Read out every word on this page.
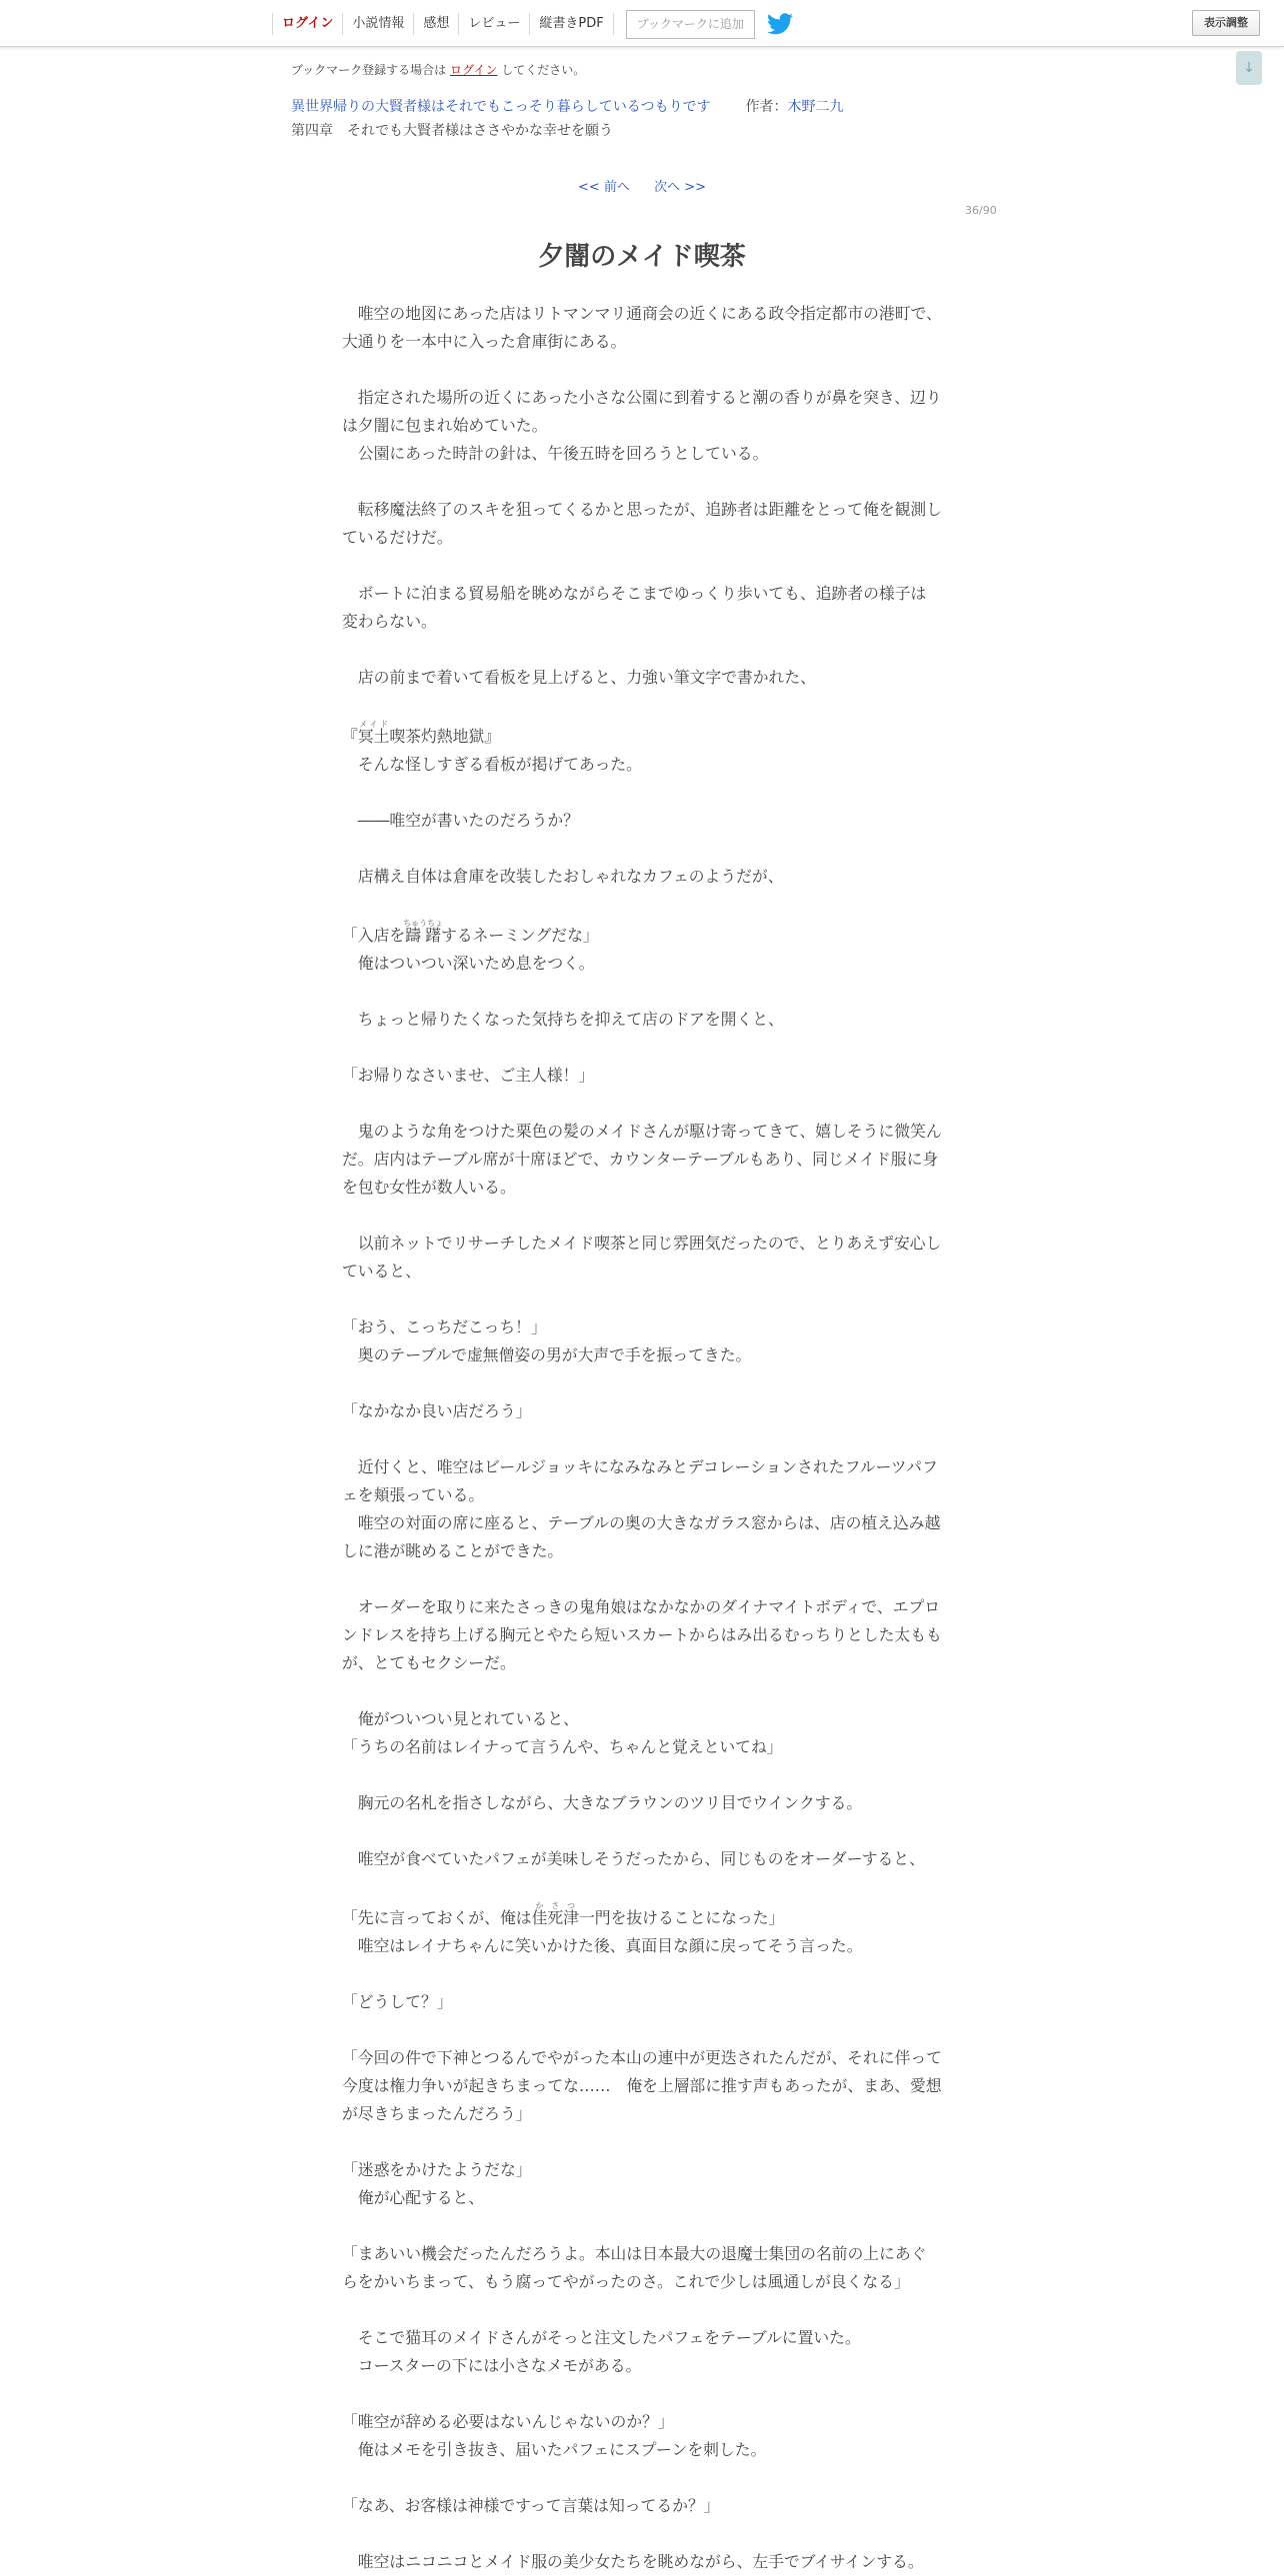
ログイン	小説情報	感想	レビュー	縦書きPDF	ブックマークに追加	表示調整
↓
ブックマーク登録する場合は ログイン してください。
異世界帰りの大賢者様はそれでもこっそり暮らしているつもりです 作者：木野二九
第四章　それでも大賢者様はささやかな幸せを願う
<< 前へ 次へ >>
36/90
夕闇のメイド喫茶
　唯空の地図にあった店はリトマンマリ通商会の近くにある政令指定都市の港町で、大通りを一本中に入った倉庫街にある。
　指定された場所の近くにあった小さな公園に到着すると潮の香りが鼻を突き、辺りは夕闇に包まれ始めていた。
　公園にあった時計の針は、午後五時を回ろうとしている。
　転移魔法終了のスキを狙ってくるかと思ったが、追跡者は距離をとって俺を観測しているだけだ。
　ボートに泊まる貿易船を眺めながらそこまでゆっくり歩いても、追跡者の様子は変わらない。
　店の前まで着いて看板を見上げると、力強い筆文字で書かれた、
『冥土メイド喫茶灼熱地獄』
　そんな怪しすぎる看板が掲げてあった。
　――唯空が書いたのだろうか？
　店構え自体は倉庫を改装したおしゃれなカフェのようだが、
「入店を躊躇ちゅうちょするネーミングだな」
　俺はついつい深いため息をつく。
　ちょっと帰りたくなった気持ちを抑えて店のドアを開くと、
「お帰りなさいませ、ご主人様！」
　鬼のような角をつけた栗色の髪のメイドさんが駆け寄ってきて、嬉しそうに微笑んだ。店内はテーブル席が十席ほどで、カウンターテーブルもあり、同じメイド服に身を包む女性が数人いる。
　以前ネットでリサーチしたメイド喫茶と同じ雰囲気だったので、とりあえず安心していると、
「おう、こっちだこっち！」
　奥のテーブルで虚無僧姿の男が大声で手を振ってきた。
「なかなか良い店だろう」
　近付くと、唯空はビールジョッキになみなみとデコレーションされたフルーツパフェを頬張っている。
　唯空の対面の席に座ると、テーブルの奥の大きなガラス窓からは、店の植え込み越しに港が眺めることができた。
　オーダーを取りに来たさっきの鬼角娘はなかなかのダイナマイトボディで、エプロンドレスを持ち上げる胸元とやたら短いスカートからはみ出るむっちりとした太ももが、とてもセクシーだ。
　俺がついつい見とれていると、
「うちの名前はレイナって言うんや、ちゃんと覚えといてね」
　胸元の名札を指さしながら、大きなブラウンのツリ目でウインクする。
　唯空が食べていたパフェが美味しそうだったから、同じものをオーダーすると、
「先に言っておくが、俺は佳死津かさつ一門を抜けることになった」
　唯空はレイナちゃんに笑いかけた後、真面目な顔に戻ってそう言った。
「どうして？」
「今回の件で下神とつるんでやがった本山の連中が更迭されたんだが、それに伴って今度は権力争いが起きちまってな……　俺を上層部に推す声もあったが、まあ、愛想が尽きちまったんだろう」
「迷惑をかけたようだな」
　俺が心配すると、
「まあいい機会だったんだろうよ。本山は日本最大の退魔士集団の名前の上にあぐらをかいちまって、もう腐ってやがったのさ。これで少しは風通しが良くなる」
　そこで猫耳のメイドさんがそっと注文したパフェをテーブルに置いた。
　コースターの下には小さなメモがある。
「唯空が辞める必要はないんじゃないのか？」
　俺はメモを引き抜き、届いたパフェにスプーンを刺した。
「なあ、お客様は神様ですって言葉は知ってるか？」
　唯空はニコニコとメイド服の美少女たちを眺めながら、左手でブイサインする。
